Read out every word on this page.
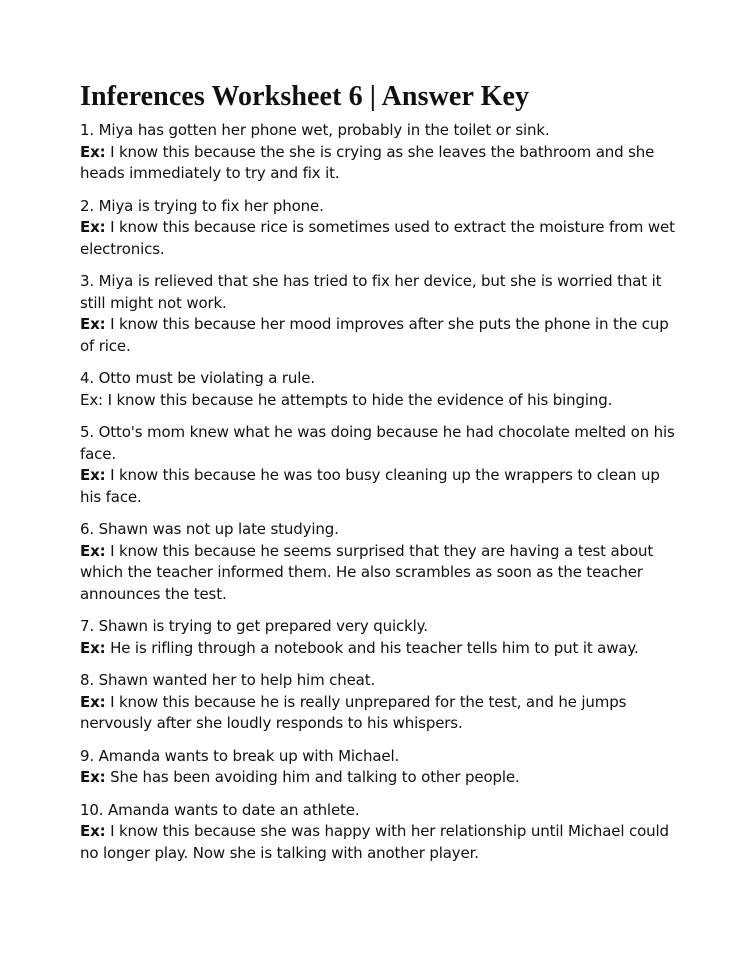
Inferences Worksheet 6 | Answer Key

1. Miya has gotten her phone wet, probably in the toilet or sink.

Ex: I know this because the she is crying as she leaves the bathroom and she heads immediately to try and fix it.

2. Miya is trying to fix her phone.

Ex: I know this because rice is sometimes used to extract the moisture from wet electronics.

3. Miya is relieved that she has tried to fix her device, but she is worried that it still might not work.

Ex: I know this because her mood improves after she puts the phone in the cup of rice.

4. Otto must be violating a rule.

Ex: I know this because he attempts to hide the evidence of his binging.

5. Otto's mom knew what he was doing because he had chocolate melted on his face.

Ex: I know this because he was too busy cleaning up the wrappers to clean up his face.

6. Shawn was not up late studying.

Ex: I know this because he seems surprised that they are having a test about which the teacher informed them. He also scrambles as soon as the teacher announces the test.

7. Shawn is trying to get prepared very quickly.

Ex: He is rifling through a notebook and his teacher tells him to put it away.

8. Shawn wanted her to help him cheat.

Ex: I know this because he is really unprepared for the test, and he jumps nervously after she loudly responds to his whispers.

9. Amanda wants to break up with Michael.

Ex: She has been avoiding him and talking to other people.

10. Amanda wants to date an athlete.

Ex: I know this because she was happy with her relationship until Michael could no longer play. Now she is talking with another player.
